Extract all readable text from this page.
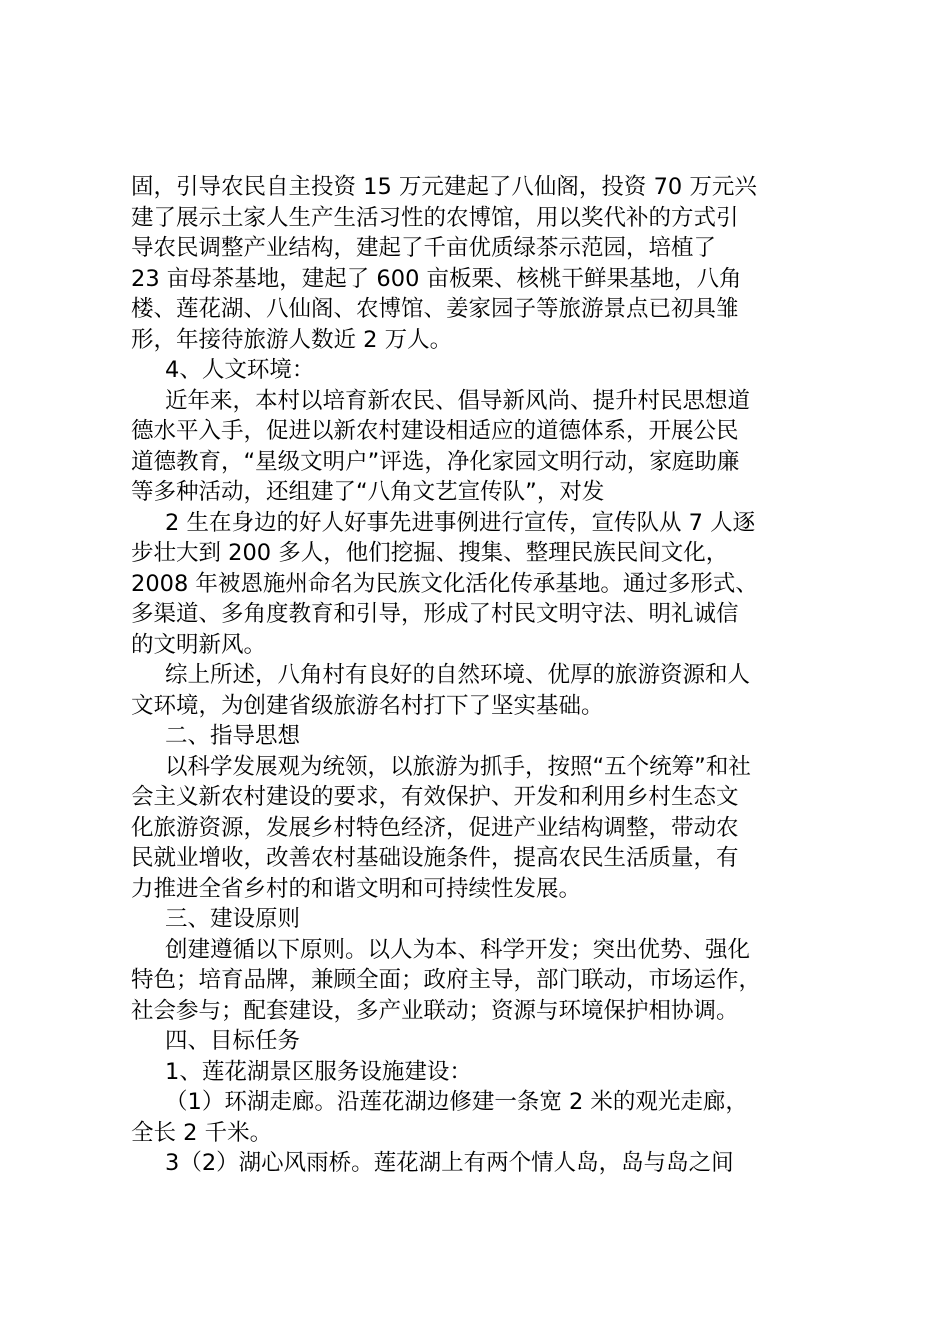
固，引导农民自主投资 15 万元建起了八仙阁，投资 70 万元兴
建了展示土家人生产生活习性的农博馆，用以奖代补的方式引
导农民调整产业结构，建起了千亩优质绿茶示范园，培植了
23 亩母茶基地，建起了 600 亩板栗、核桃干鲜果基地，八角
楼、莲花湖、八仙阁、农博馆、姜家园子等旅游景点已初具雏
形，年接待旅游人数近 2 万人。
4、人文环境：
近年来，本村以培育新农民、倡导新风尚、提升村民思想道
德水平入手，促进以新农村建设相适应的道德体系，开展公民
道德教育，“星级文明户”评选，净化家园文明行动，家庭助廉
等多种活动，还组建了“八角文艺宣传队”，对发
2 生在身边的好人好事先进事例进行宣传，宣传队从 7 人逐
步壮大到 200 多人，他们挖掘、搜集、整理民族民间文化，
2008 年被恩施州命名为民族文化活化传承基地。通过多形式、
多渠道、多角度教育和引导，形成了村民文明守法、明礼诚信
的文明新风。
综上所述，八角村有良好的自然环境、优厚的旅游资源和人
文环境，为创建省级旅游名村打下了坚实基础。
二、指导思想
以科学发展观为统领，以旅游为抓手，按照“五个统筹”和社
会主义新农村建设的要求，有效保护、开发和利用乡村生态文
化旅游资源，发展乡村特色经济，促进产业结构调整，带动农
民就业增收，改善农村基础设施条件，提高农民生活质量，有
力推进全省乡村的和谐文明和可持续性发展。
三、建设原则
创建遵循以下原则。以人为本、科学开发；突出优势、强化
特色；培育品牌，兼顾全面；政府主导，部门联动，市场运作，
社会参与；配套建设，多产业联动；资源与环境保护相协调。
四、目标任务
1、莲花湖景区服务设施建设：
（1）环湖走廊。沿莲花湖边修建一条宽 2 米的观光走廊，
全长 2 千米。
3（2）湖心风雨桥。莲花湖上有两个情人岛，岛与岛之间
